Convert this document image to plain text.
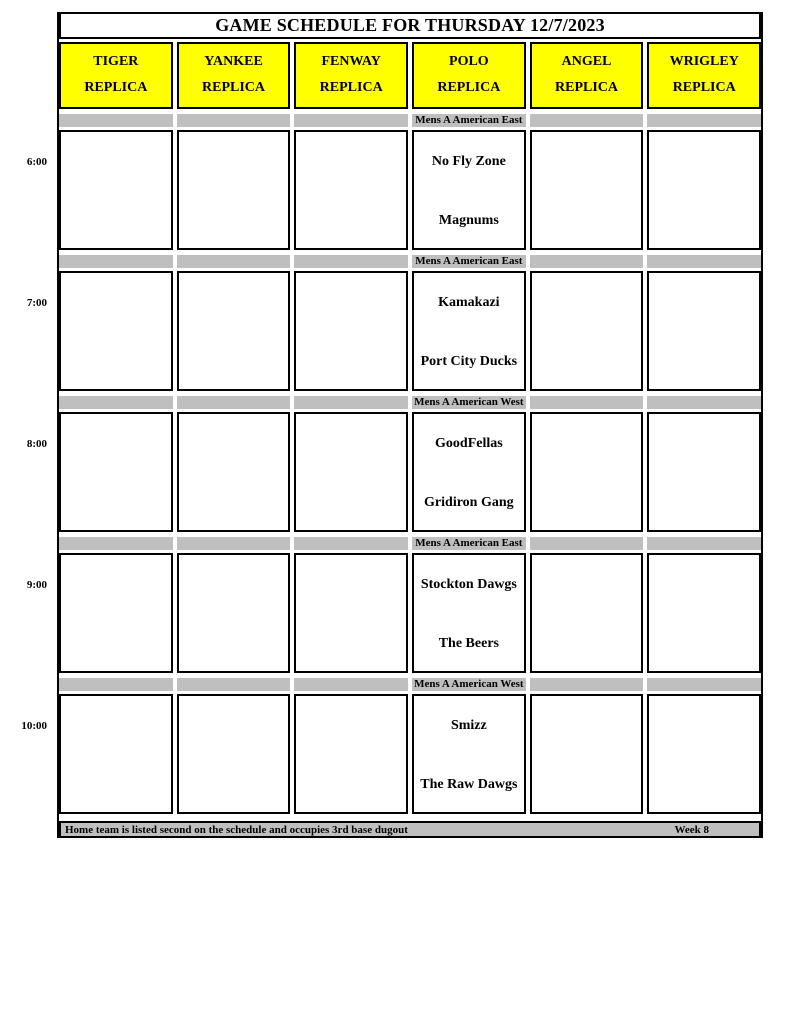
GAME SCHEDULE FOR THURSDAY 12/7/2023
TIGER
REPLICA
YANKEE
REPLICA
FENWAY
REPLICA
POLO
REPLICA
ANGEL
REPLICA
WRIGLEY
REPLICA
6:00
Mens A American East
No Fly Zone
Magnums
7:00
Mens A American East
Kamakazi
Port City Ducks
8:00
Mens A American West
GoodFellas
Gridiron Gang
9:00
Mens A American East
Stockton Dawgs
The Beers
10:00
Mens A American West
Smizz
The Raw Dawgs
Home team is listed second on the schedule and occupies 3rd base dugout	Week 8
